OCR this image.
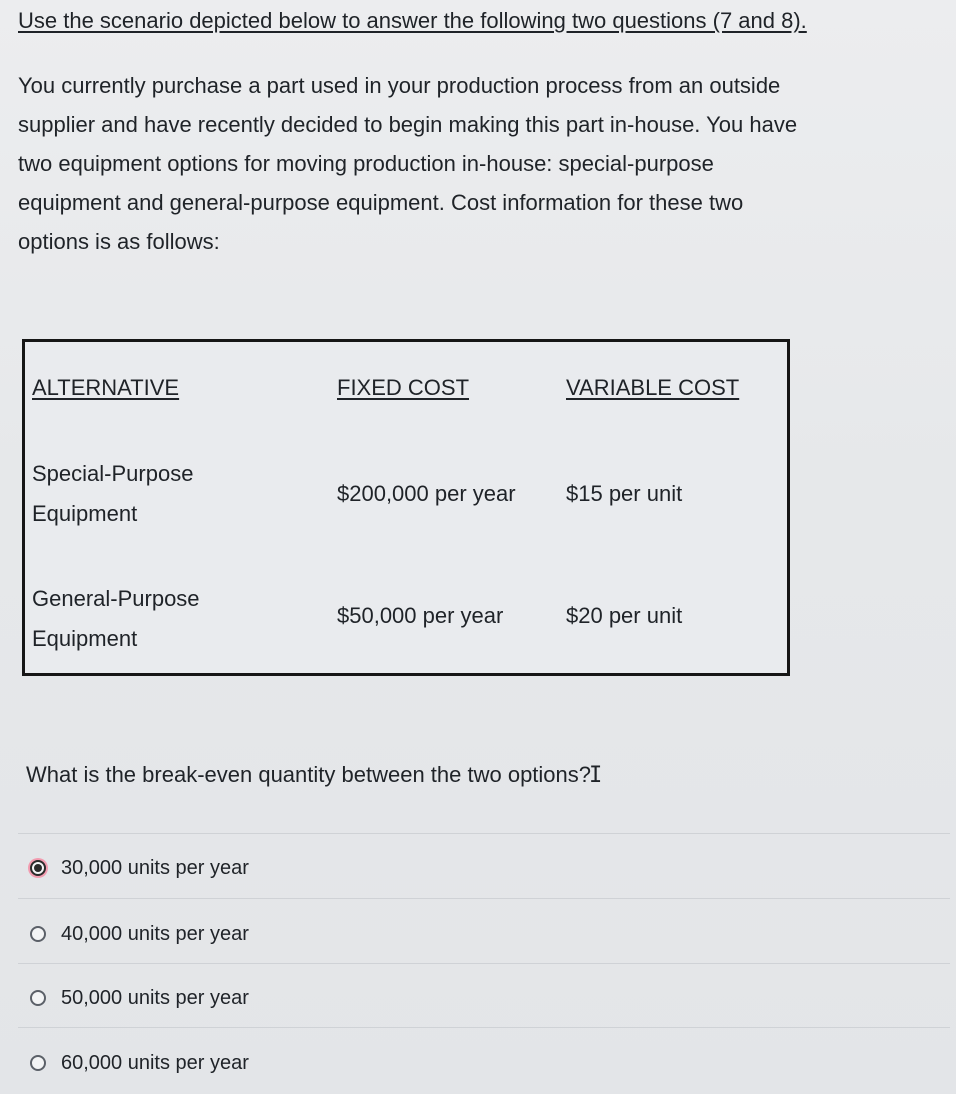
Use the scenario depicted below to answer the following two questions (7 and 8).
You currently purchase a part used in your production process from an outside
supplier and have recently decided to begin making this part in-house. You have
two equipment options for moving production in-house: special-purpose
equipment and general-purpose equipment. Cost information for these two
options is as follows:
ALTERNATIVE	FIXED COST	VARIABLE COST
Special-Purpose
Equipment
$200,000 per year $15 per unit
General-Purpose
Equipment
$50,000 per year	$20 per unit
What is the break-even quantity between the two options?I
30,000 units per year
40,000 units per year
50,000 units per year
60,000 units per year
